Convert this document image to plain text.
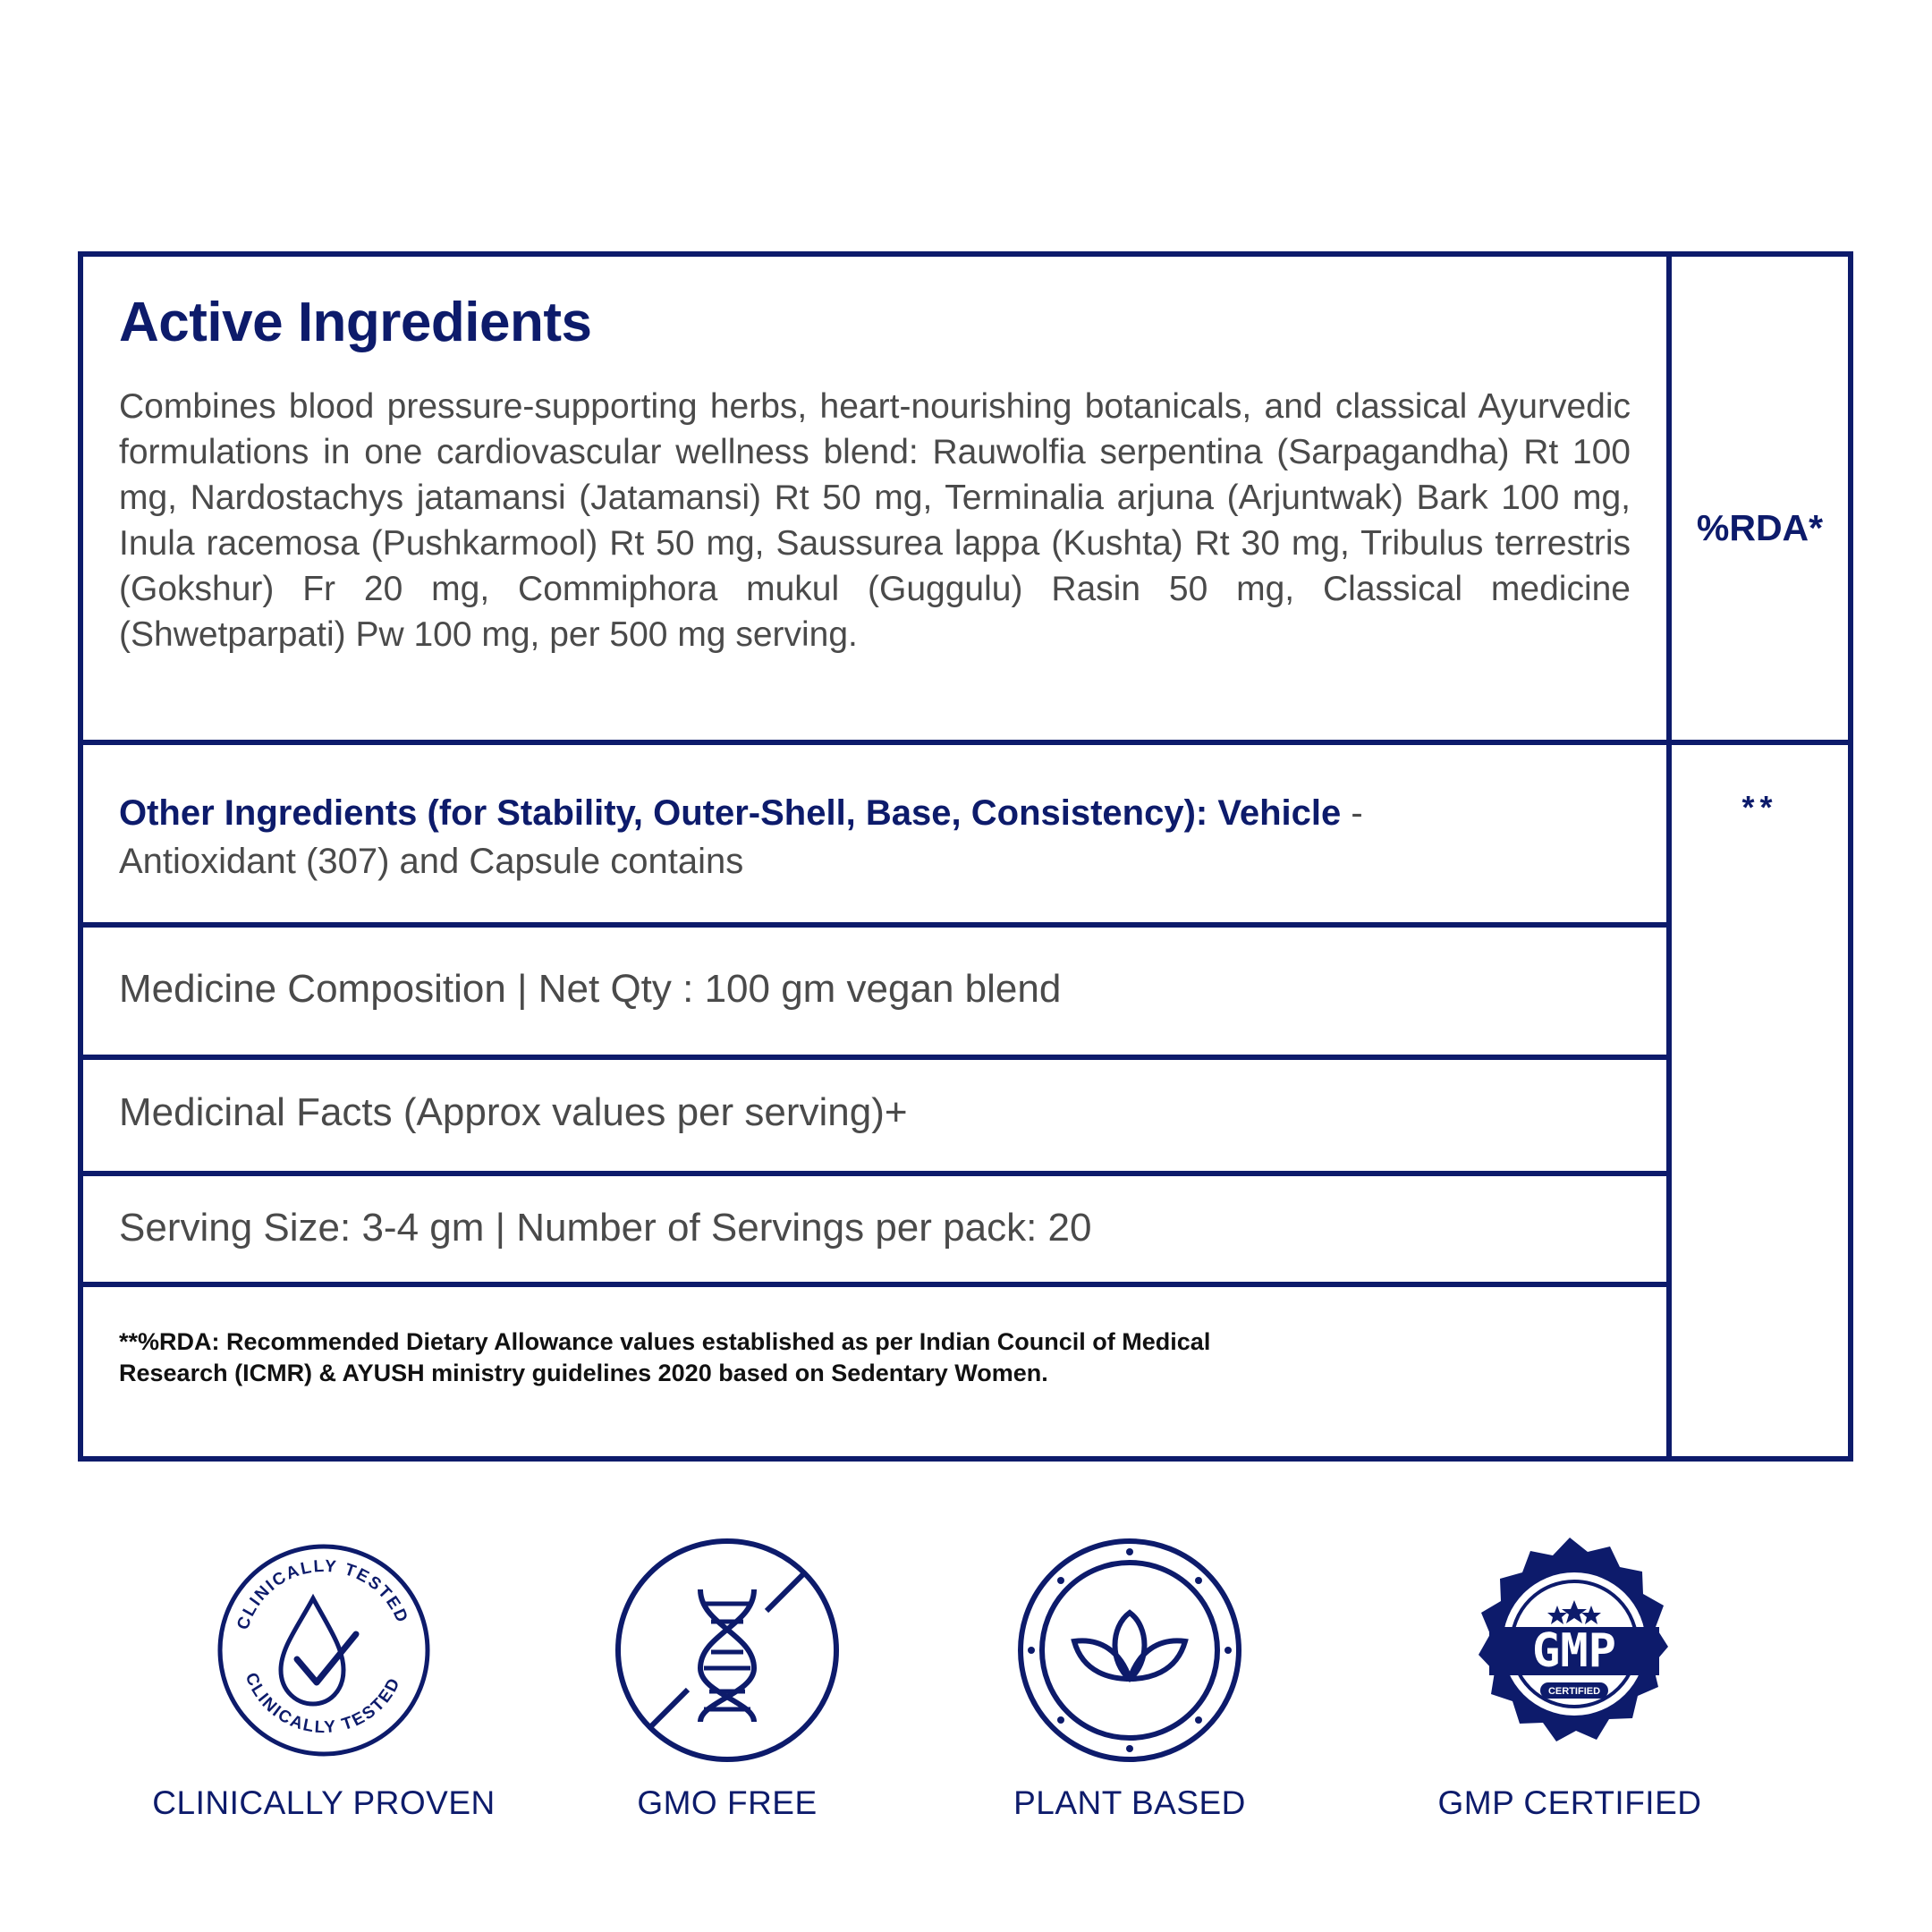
Active Ingredients
Combines blood pressure-supporting herbs, heart-nourishing botanicals, and classical Ayurvedic formulations in one cardiovascular wellness blend: Rauwolfia serpentina (Sarpagandha) Rt 100 mg, Nardostachys jatamansi (Jatamansi) Rt 50 mg, Terminalia arjuna (Arjuntwak) Bark 100 mg, Inula racemosa (Pushkarmool) Rt 50 mg, Saussurea lappa (Kushta) Rt 30 mg, Tribulus terrestris (Gokshur) Fr 20 mg, Commiphora mukul (Guggulu) Rasin 50 mg, Classical medicine (Shwetparpati) Pw 100 mg, per 500 mg serving.
%RDA*
Other Ingredients (for Stability, Outer-Shell, Base, Consistency): Vehicle -
Antioxidant (307) and Capsule contains
**
Medicine Composition | Net Qty : 100 gm vegan blend
Medicinal Facts (Approx values per serving)+
Serving Size: 3-4 gm | Number of Servings per pack: 20
**%RDA: Recommended Dietary Allowance values established as per Indian Council of Medical
Research (ICMR) & AYUSH ministry guidelines 2020 based on Sedentary Women.
CLINICALLY TESTED
CLINICALLY TESTED
CLINICALLY PROVEN	GMO FREE	PLANT BASED
GMP
CERTIFIED
GMP CERTIFIED
